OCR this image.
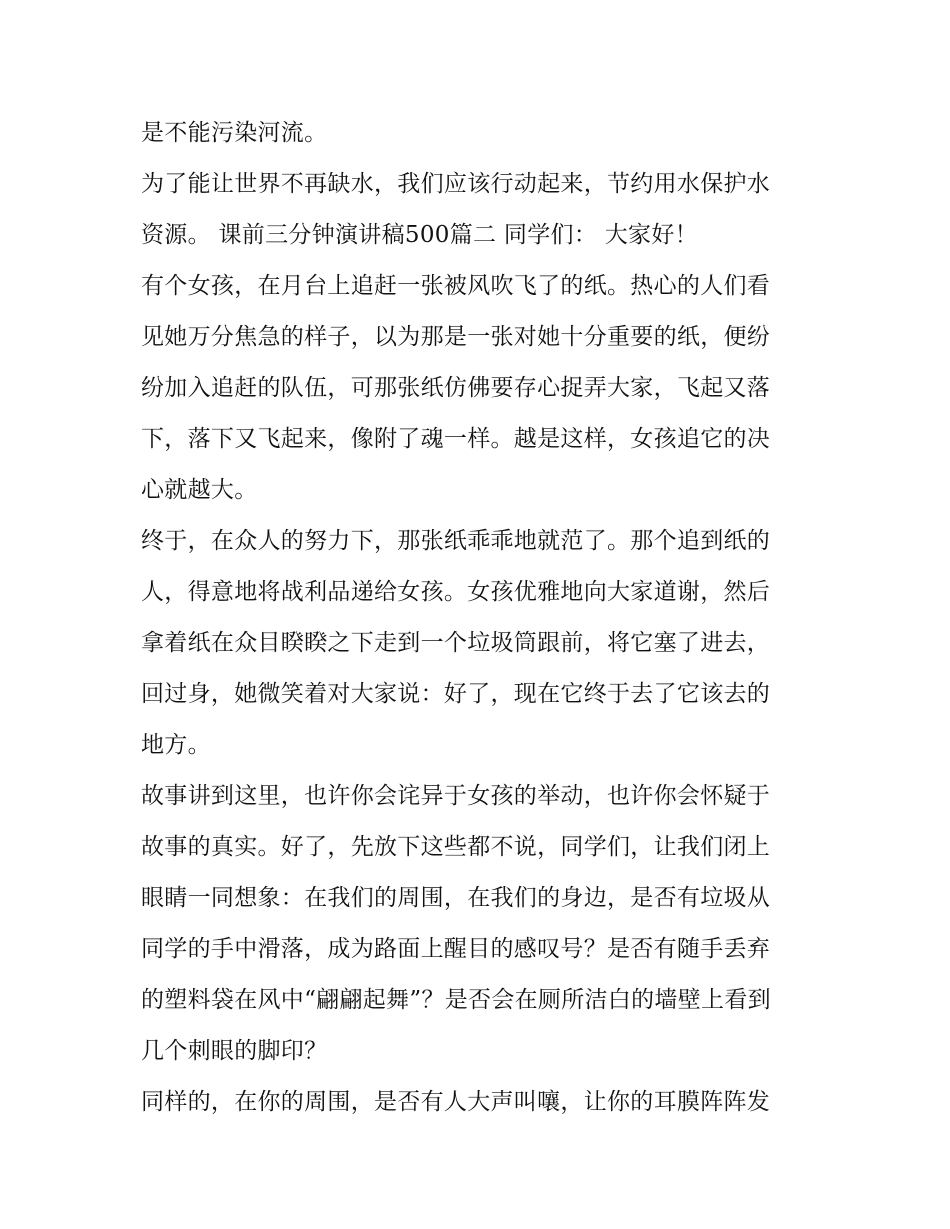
是不能污染河流。
为了能让世界不再缺水，我们应该行动起来，节约用水保护水
资源。 课前三分钟演讲稿500篇二 同学们： 大家好！
有个女孩，在月台上追赶一张被风吹飞了的纸。热心的人们看
见她万分焦急的样子，以为那是一张对她十分重要的纸，便纷
纷加入追赶的队伍，可那张纸仿佛要存心捉弄大家，飞起又落
下，落下又飞起来，像附了魂一样。越是这样，女孩追它的决
心就越大。
终于，在众人的努力下，那张纸乖乖地就范了。那个追到纸的
人，得意地将战利品递给女孩。女孩优雅地向大家道谢，然后
拿着纸在众目睽睽之下走到一个垃圾筒跟前，将它塞了进去，
回过身，她微笑着对大家说：好了，现在它终于去了它该去的
地方。
故事讲到这里，也许你会诧异于女孩的举动，也许你会怀疑于
故事的真实。好了，先放下这些都不说，同学们，让我们闭上
眼睛一同想象：在我们的周围，在我们的身边，是否有垃圾从
同学的手中滑落，成为路面上醒目的感叹号？是否有随手丢弃
的塑料袋在风中“翩翩起舞”？是否会在厕所洁白的墙壁上看到
几个刺眼的脚印？
同样的，在你的周围，是否有人大声叫嚷，让你的耳膜阵阵发
